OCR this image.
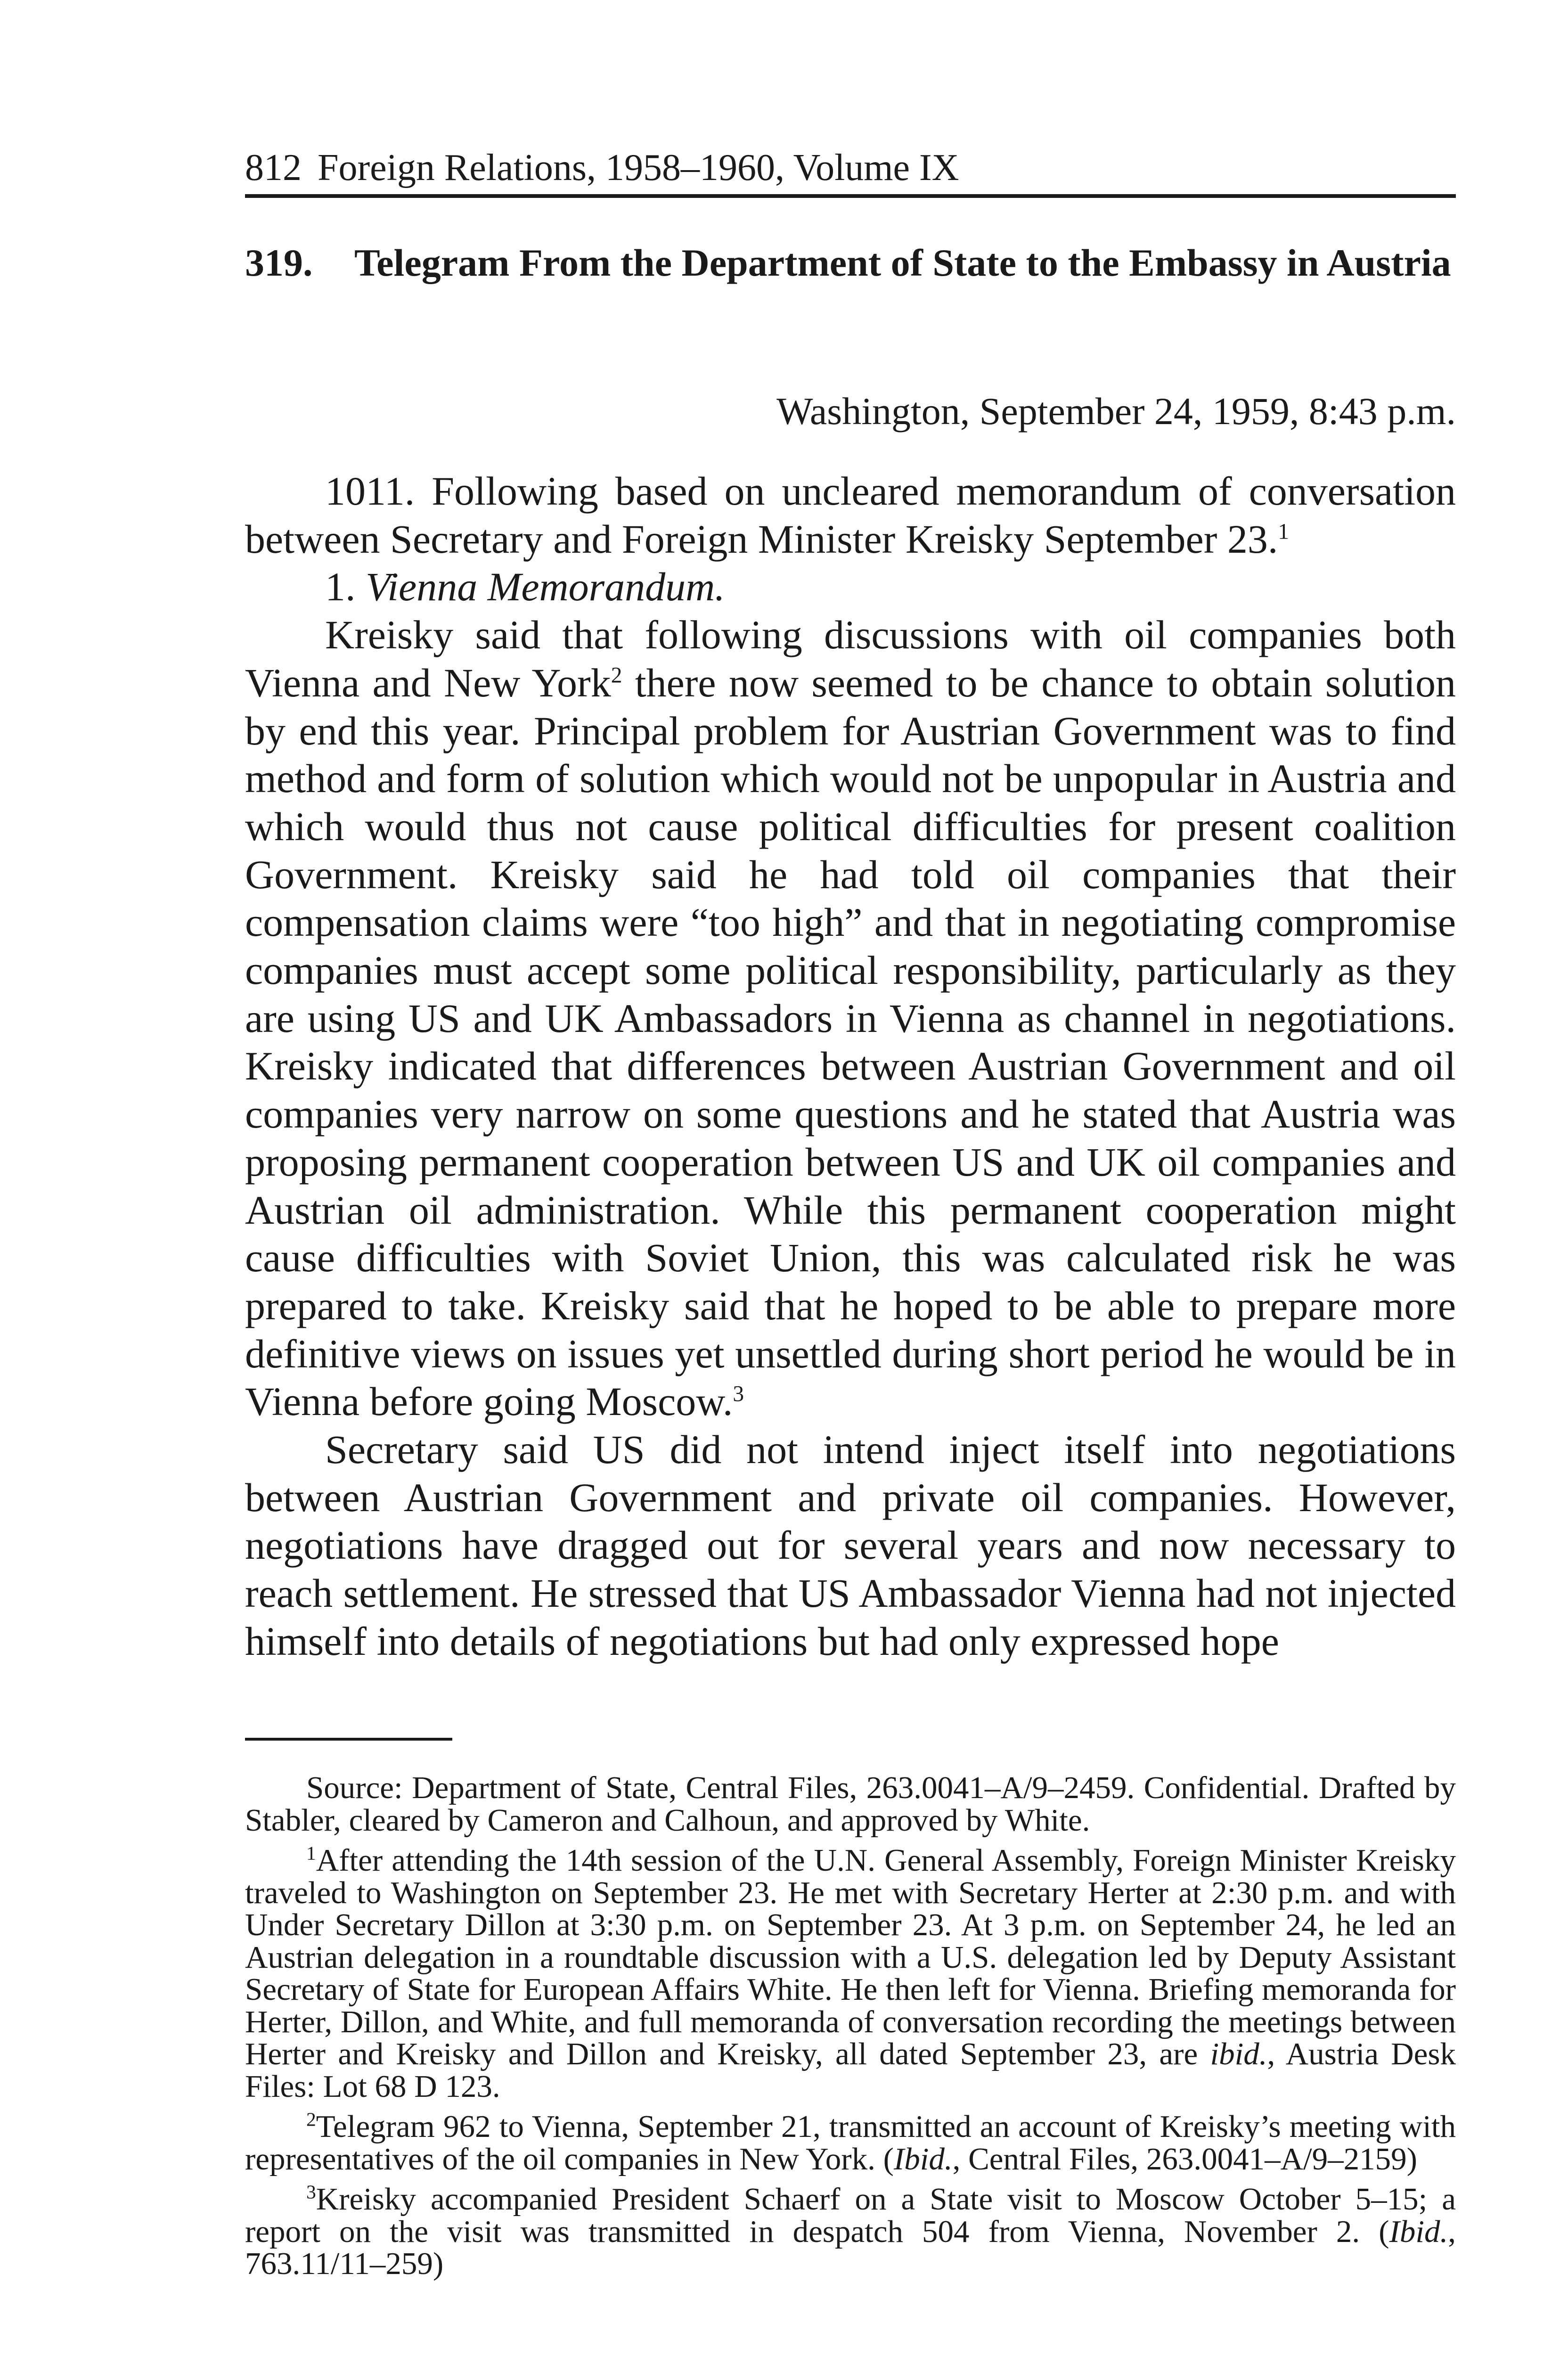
812 Foreign Relations, 1958–1960, Volume IX
319. Telegram From the Department of State to the Embassy in Austria
Washington, September 24, 1959, 8:43 p.m.

1011. Following based on uncleared memorandum of conversation between Secretary and Foreign Minister Kreisky September 23.$^1$

1. Vienna Memorandum.

Kreisky said that following discussions with oil companies both Vienna and New York$^2$ there now seemed to be chance to obtain solution by end this year. Principal problem for Austrian Government was to find method and form of solution which would not be unpopular in Austria and which would thus not cause political difficulties for present coalition Government. Kreisky said he had told oil companies that their compensation claims were “too high” and that in negotiating compromise companies must accept some political responsibility, particularly as they are using US and UK Ambassadors in Vienna as channel in negotiations. Kreisky indicated that differences between Austrian Government and oil companies very narrow on some questions and he stated that Austria was proposing permanent cooperation between US and UK oil companies and Austrian oil administration. While this permanent cooperation might cause difficulties with Soviet Union, this was calculated risk he was prepared to take. Kreisky said that he hoped to be able to prepare more definitive views on issues yet unsettled during short period he would be in Vienna before going Moscow.$^3$

Secretary said US did not intend inject itself into negotiations between Austrian Government and private oil companies. However, negotiations have dragged out for several years and now necessary to reach settlement. He stressed that US Ambassador Vienna had not injected himself into details of negotiations but had only expressed hope

Source: Department of State, Central Files, 263.0041–A/9–2459. Confidential. Drafted by Stabler, cleared by Cameron and Calhoun, and approved by White.

$^1$After attending the 14th session of the U.N. General Assembly, Foreign Minister Kreisky traveled to Washington on September 23. He met with Secretary Herter at 2:30 p.m. and with Under Secretary Dillon at 3:30 p.m. on September 23. At 3 p.m. on September 24, he led an Austrian delegation in a roundtable discussion with a U.S. delegation led by Deputy Assistant Secretary of State for European Affairs White. He then left for Vienna. Briefing memoranda for Herter, Dillon, and White, and full memoranda of conversation recording the meetings between Herter and Kreisky and Dillon and Kreisky, all dated September 23, are ibid., Austria Desk Files: Lot 68 D 123.

$^2$Telegram 962 to Vienna, September 21, transmitted an account of Kreisky’s meeting with representatives of the oil companies in New York. (Ibid., Central Files, 263.0041–A/9–2159)

$^3$Kreisky accompanied President Schaerf on a State visit to Moscow October 5–15; a report on the visit was transmitted in despatch 504 from Vienna, November 2. (Ibid., 763.11/11–259)
